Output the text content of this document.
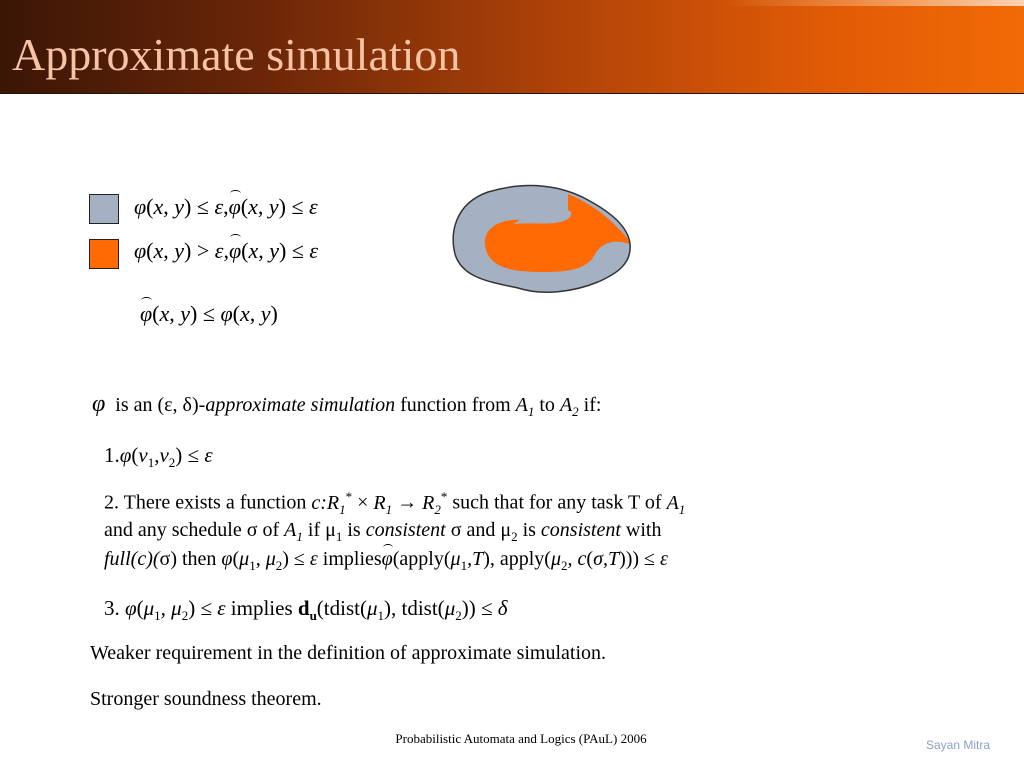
Approximate simulation
φ(x, y) ≤ ε,φ(x, y) ≤ ε
φ(x, y) > ε,φ(x, y) ≤ ε
φ(x, y) ≤ φ(x, y)
φ is an (ε, δ)-approximate simulation function from $A_1$ to $A_2$ if:
$1.\varphi(\nu_1,\nu_2) \le \varepsilon$
2. There exists a function $c:R_1^* \times R_1 \to R_2^*$ such that for any task T of $A_1$
and any schedule σ of $A_1$ if $\mu_1$ is consistent σ and $\mu_2$ is consistent with
full(c)(σ) then $\varphi(\mu_1$, $\mu_2) \le \varepsilon$ $implies\varphi(apply(\mu_1,T)$, $apply(\mu_2$, c(σ,T))) ≤ ε
3. $\varphi(\mu_1$, $\mu_2) \le \varepsilon$ implies $d_u(tdist(\mu_1)$, $tdist(\mu_2)) \le \delta$
Weaker requirement in the definition of approximate simulation.
Stronger soundness theorem.
Probabilistic Automata and Logics (PAuL) 2006	Sayan Mitra
